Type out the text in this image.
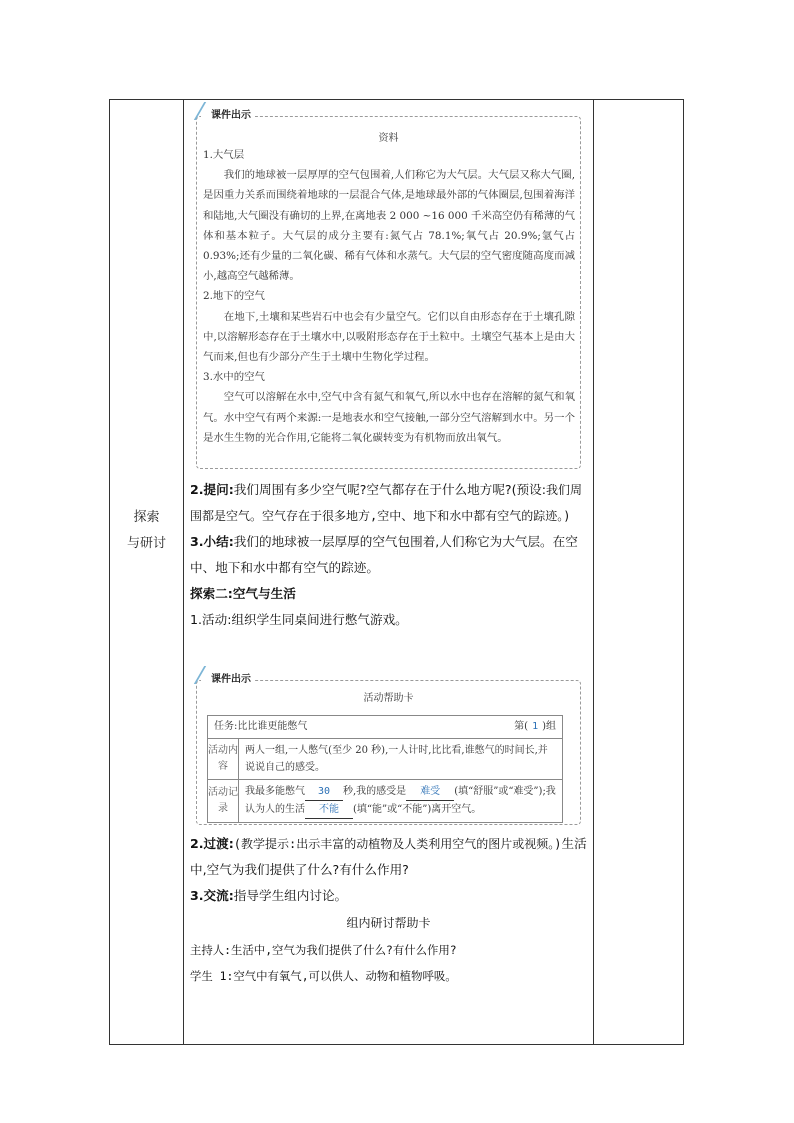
探索
与研讨
课件出示
资料

1.大气层

我们的地球被一层厚厚的空气包围着,人们称它为大气层。大气层又称大气圈,是因重力关系而围绕着地球的一层混合气体,是地球最外部的气体圈层,包围着海洋和陆地,大气圈没有确切的上界,在离地表 2 000 ~16 000 千米高空仍有稀薄的气体和基本粒子。大气层的成分主要有:氮气占 78.1%;氧气占 20.9%;氩气占 0.93%;还有少量的二氧化碳、稀有气体和水蒸气。大气层的空气密度随高度而减小,越高空气越稀薄。

2.地下的空气

在地下,土壤和某些岩石中也会有少量空气。它们以自由形态存在于土壤孔隙中,以溶解形态存在于土壤水中,以吸附形态存在于土粒中。土壤空气基本上是由大气而来,但也有少部分产生于土壤中生物化学过程。

3.水中的空气

空气可以溶解在水中,空气中含有氮气和氧气,所以水中也存在溶解的氮气和氧气。水中空气有两个来源:一是地表水和空气接触,一部分空气溶解到水中。另一个是水生生物的光合作用,它能将二氧化碳转变为有机物而放出氧气。

2.提问:我们周围有多少空气呢?空气都存在于什么地方呢?(预设:我们周围都是空气。空气存在于很多地方,空中、地下和水中都有空气的踪迹。)

3.小结:我们的地球被一层厚厚的空气包围着,人们称它为大气层。在空中、地下和水中都有空气的踪迹。

探索二:空气与生活

1.活动:组织学生同桌间进行憋气游戏。

课件出示
活动帮助卡
任务:比比谁更能憋气	第( 1 )组
活动内容
两人一组,一人憋气(至少 20 秒),一人计时,比比看,谁憋气的时间长,并说说自己的感受。
活动记录
我最多能憋气 30 秒,我的感受是 难受 (填“舒服”或“难受”);我认为人的生活 不能 (填“能”或“不能”)离开空气。

2.过渡:(教学提示:出示丰富的动植物及人类利用空气的图片或视频。)生活中,空气为我们提供了什么?有什么作用?

3.交流:指导学生组内讨论。

组内研讨帮助卡
主持人:生活中,空气为我们提供了什么?有什么作用?
学生 1:空气中有氧气,可以供人、动物和植物呼吸。
